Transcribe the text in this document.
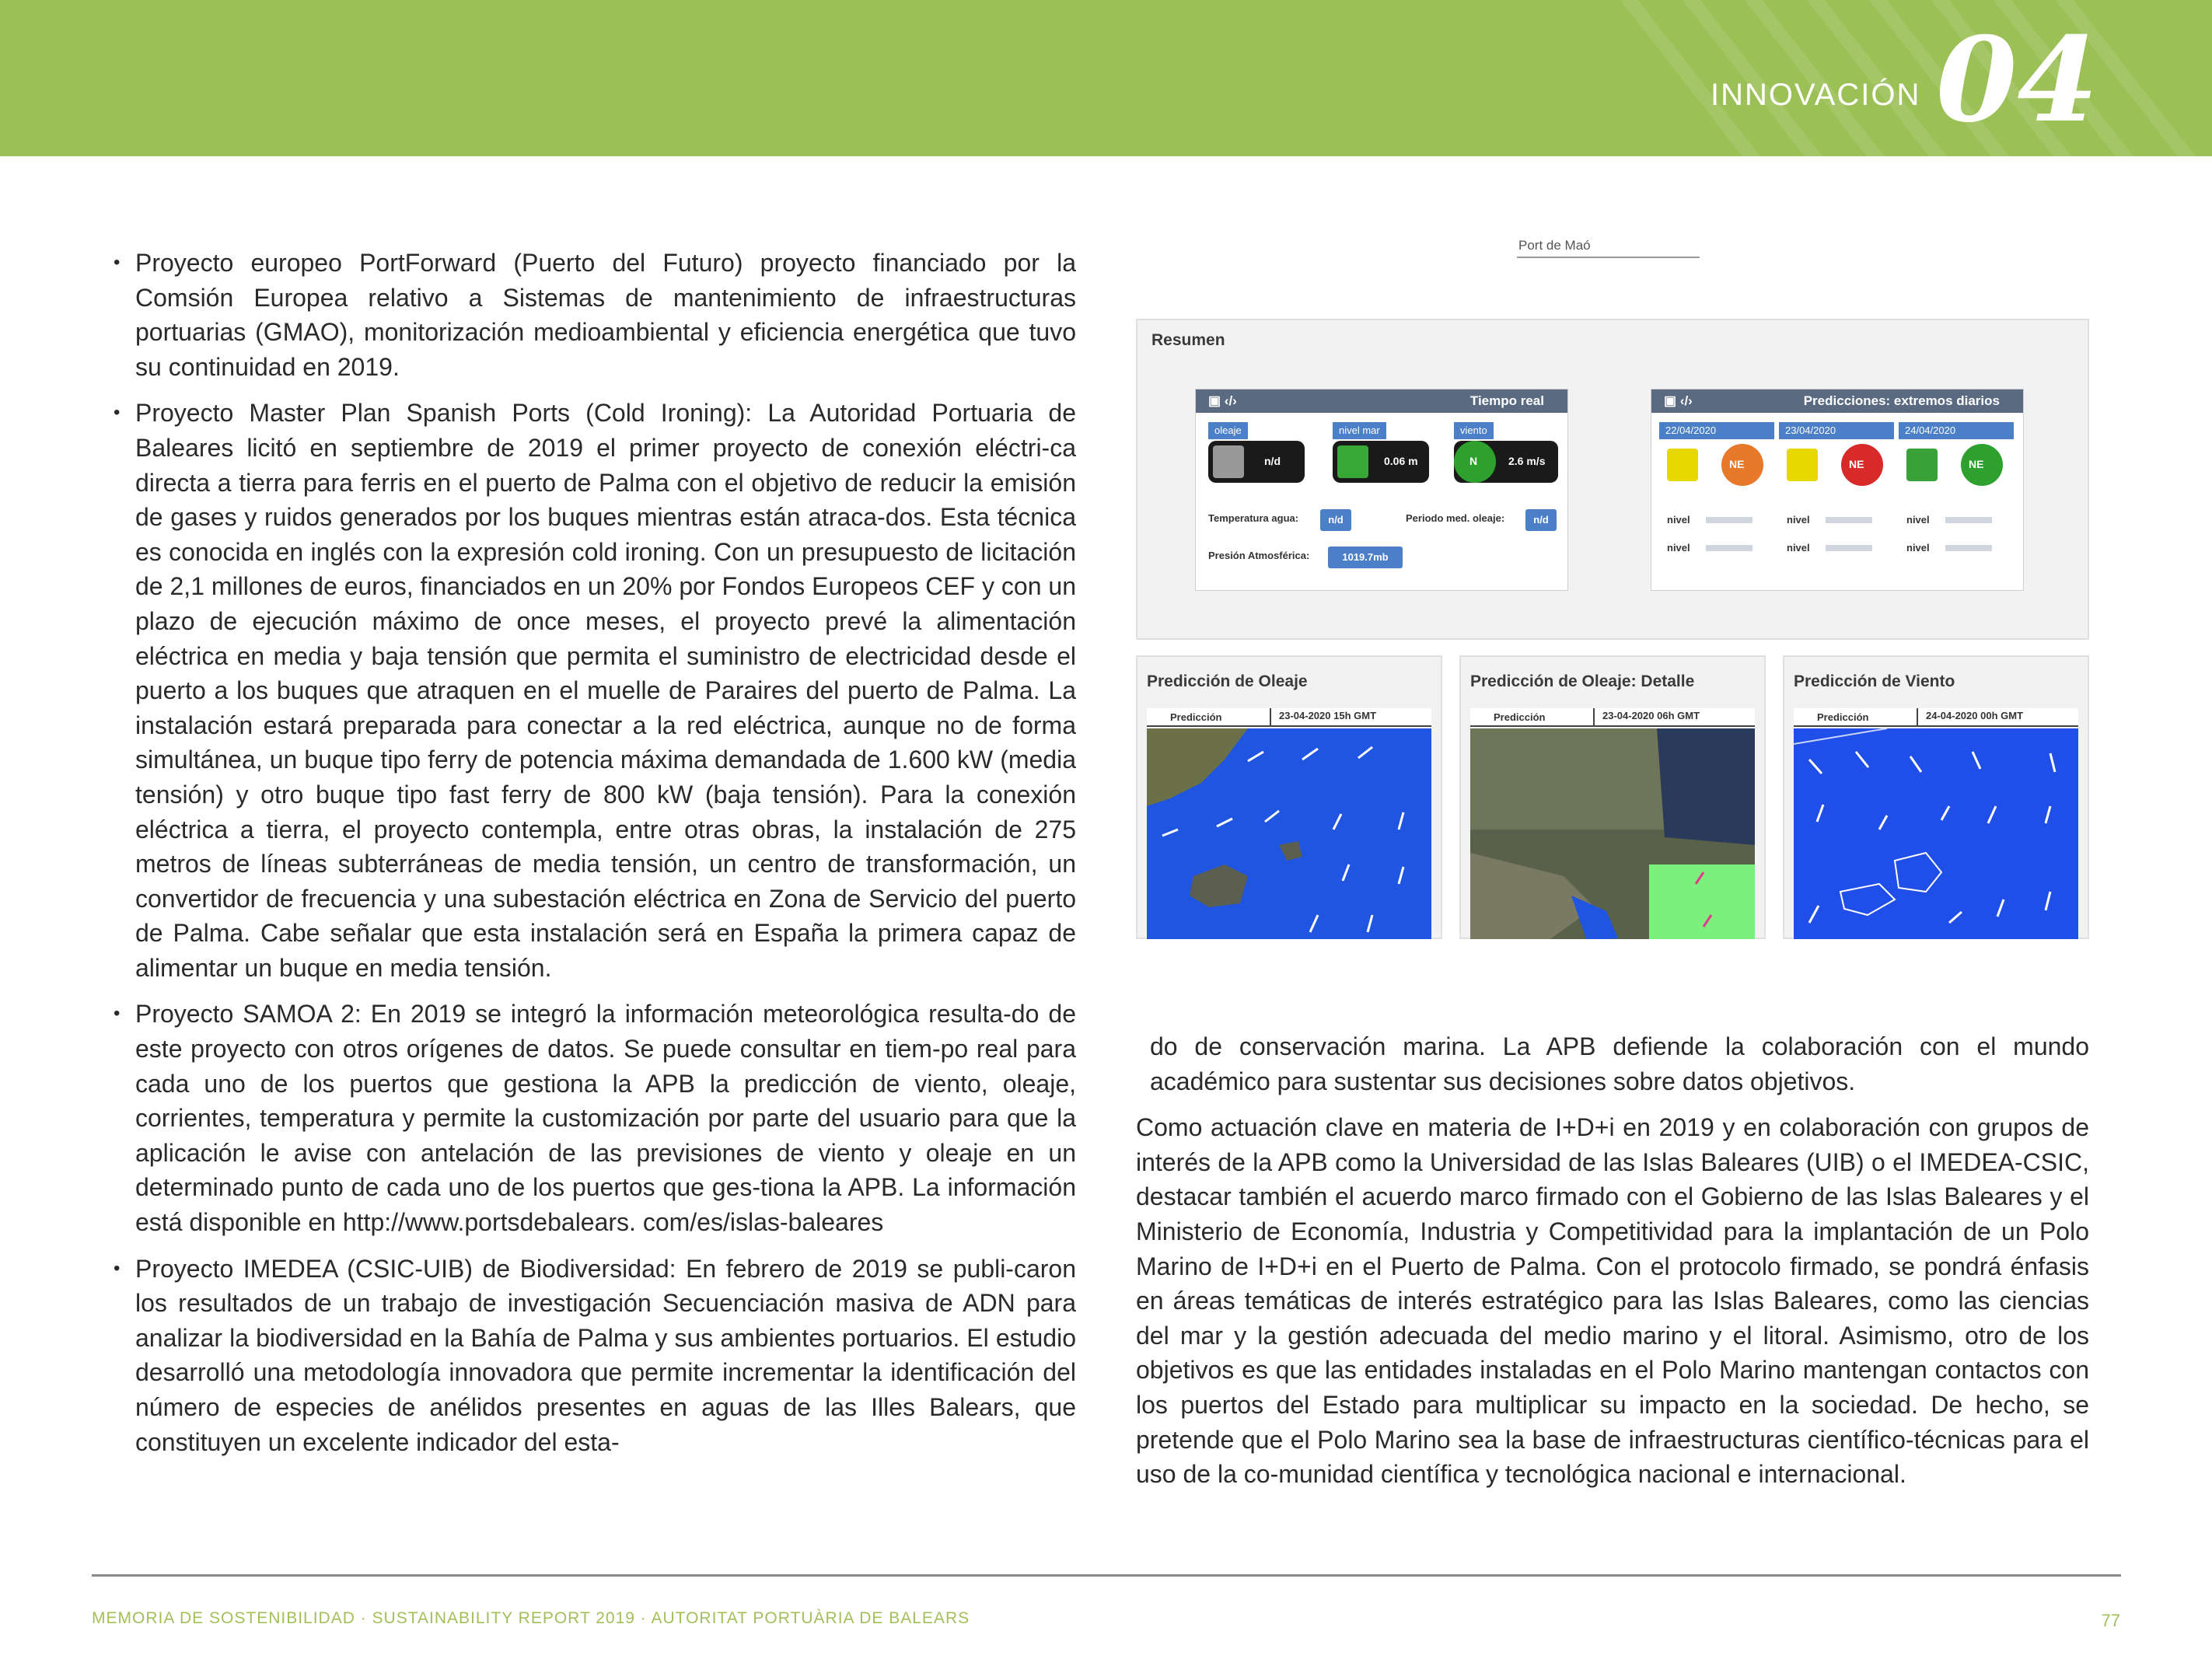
INNOVACIÓN 04
• Proyecto europeo PortForward (Puerto del Futuro) proyecto financiado por la Comsión Europea relativo a Sistemas de mantenimiento de infraestructuras portuarias (GMAO), monitorización medioambiental y eficiencia energética que tuvo su continuidad en 2019.
• Proyecto Master Plan Spanish Ports (Cold Ironing): La Autoridad Portuaria de Baleares licitó en septiembre de 2019 el primer proyecto de conexión eléctri-ca directa a tierra para ferris en el puerto de Palma con el objetivo de reducir la emisión de gases y ruidos generados por los buques mientras están atraca-dos. Esta técnica es conocida en inglés con la expresión cold ironing. Con un presupuesto de licitación de 2,1 millones de euros, financiados en un 20% por Fondos Europeos CEF y con un plazo de ejecución máximo de once meses, el proyecto prevé la alimentación eléctrica en media y baja tensión que permita el suministro de electricidad desde el puerto a los buques que atraquen en el muelle de Paraires del puerto de Palma. La instalación estará preparada para conectar a la red eléctrica, aunque no de forma simultánea, un buque tipo ferry de potencia máxima demandada de 1.600 kW (media tensión) y otro buque tipo fast ferry de 800 kW (baja tensión). Para la conexión eléctrica a tierra, el proyecto contempla, entre otras obras, la instalación de 275 metros de líneas subterráneas de media tensión, un centro de transformación, un convertidor de frecuencia y una subestación eléctrica en Zona de Servicio del puerto de Palma. Cabe señalar que esta instalación será en España la primera capaz de alimentar un buque en media tensión.
• Proyecto SAMOA 2: En 2019 se integró la información meteorológica resulta-do de este proyecto con otros orígenes de datos. Se puede consultar en tiem-po real para cada uno de los puertos que gestiona la APB la predicción de viento, oleaje, corrientes, temperatura y permite la customización por parte del usuario para que la aplicación le avise con antelación de las previsiones de viento y oleaje en un determinado punto de cada uno de los puertos que ges-tiona la APB. La información está disponible en http://www.portsdebalears. com/es/islas-baleares
• Proyecto IMEDEA (CSIC-UIB) de Biodiversidad: En febrero de 2019 se publi-caron los resultados de un trabajo de investigación Secuenciación masiva de ADN para analizar la biodiversidad en la Bahía de Palma y sus ambientes portuarios. El estudio desarrolló una metodología innovadora que permite incrementar la identificación del número de especies de anélidos presentes en aguas de las Illes Balears, que constituyen un excelente indicador del esta-
Port de Maó
Resumen
▣ ‹/›	Tiempo real
oleaje	nivel mar	viento
n/d	0.06 m	N	2.6 m/s
Temperatura agua:	n/d	Periodo med. oleaje:	n/d
Presión Atmosférica:	1019.7mb
▣ ‹/›	Predicciones: extremos diarios
22/04/2020	23/04/2020	24/04/2020
NE	NE	NE
nivel
nivel
nivel
nivel
nivel
nivel
Predicción de Oleaje
Predicción	23-04-2020 15h GMT
Predicción de Oleaje: Detalle
Predicción	23-04-2020 06h GMT
Predicción de Viento
Predicción	24-04-2020 00h GMT

do de conservación marina. La APB defiende la colaboración con el mundo académico para sustentar sus decisiones sobre datos objetivos.

Como actuación clave en materia de I+D+i en 2019 y en colaboración con grupos de interés de la APB como la Universidad de las Islas Baleares (UIB) o el IMEDEA-CSIC, destacar también el acuerdo marco firmado con el Gobierno de las Islas Baleares y el Ministerio de Economía, Industria y Competitividad para la implantación de un Polo Marino de I+D+i en el Puerto de Palma. Con el protocolo firmado, se pondrá énfasis en áreas temáticas de interés estratégico para las Islas Baleares, como las ciencias del mar y la gestión adecuada del medio marino y el litoral. Asimismo, otro de los objetivos es que las entidades instaladas en el Polo Marino mantengan contactos con los puertos del Estado para multiplicar su impacto en la sociedad. De hecho, se pretende que el Polo Marino sea la base de infraestructuras científico-técnicas para el uso de la co-munidad científica y tecnológica nacional e internacional.

MEMORIA DE SOSTENIBILIDAD · SUSTAINABILITY REPORT 2019 · AUTORITAT PORTUÀRIA DE BALEARS	77
